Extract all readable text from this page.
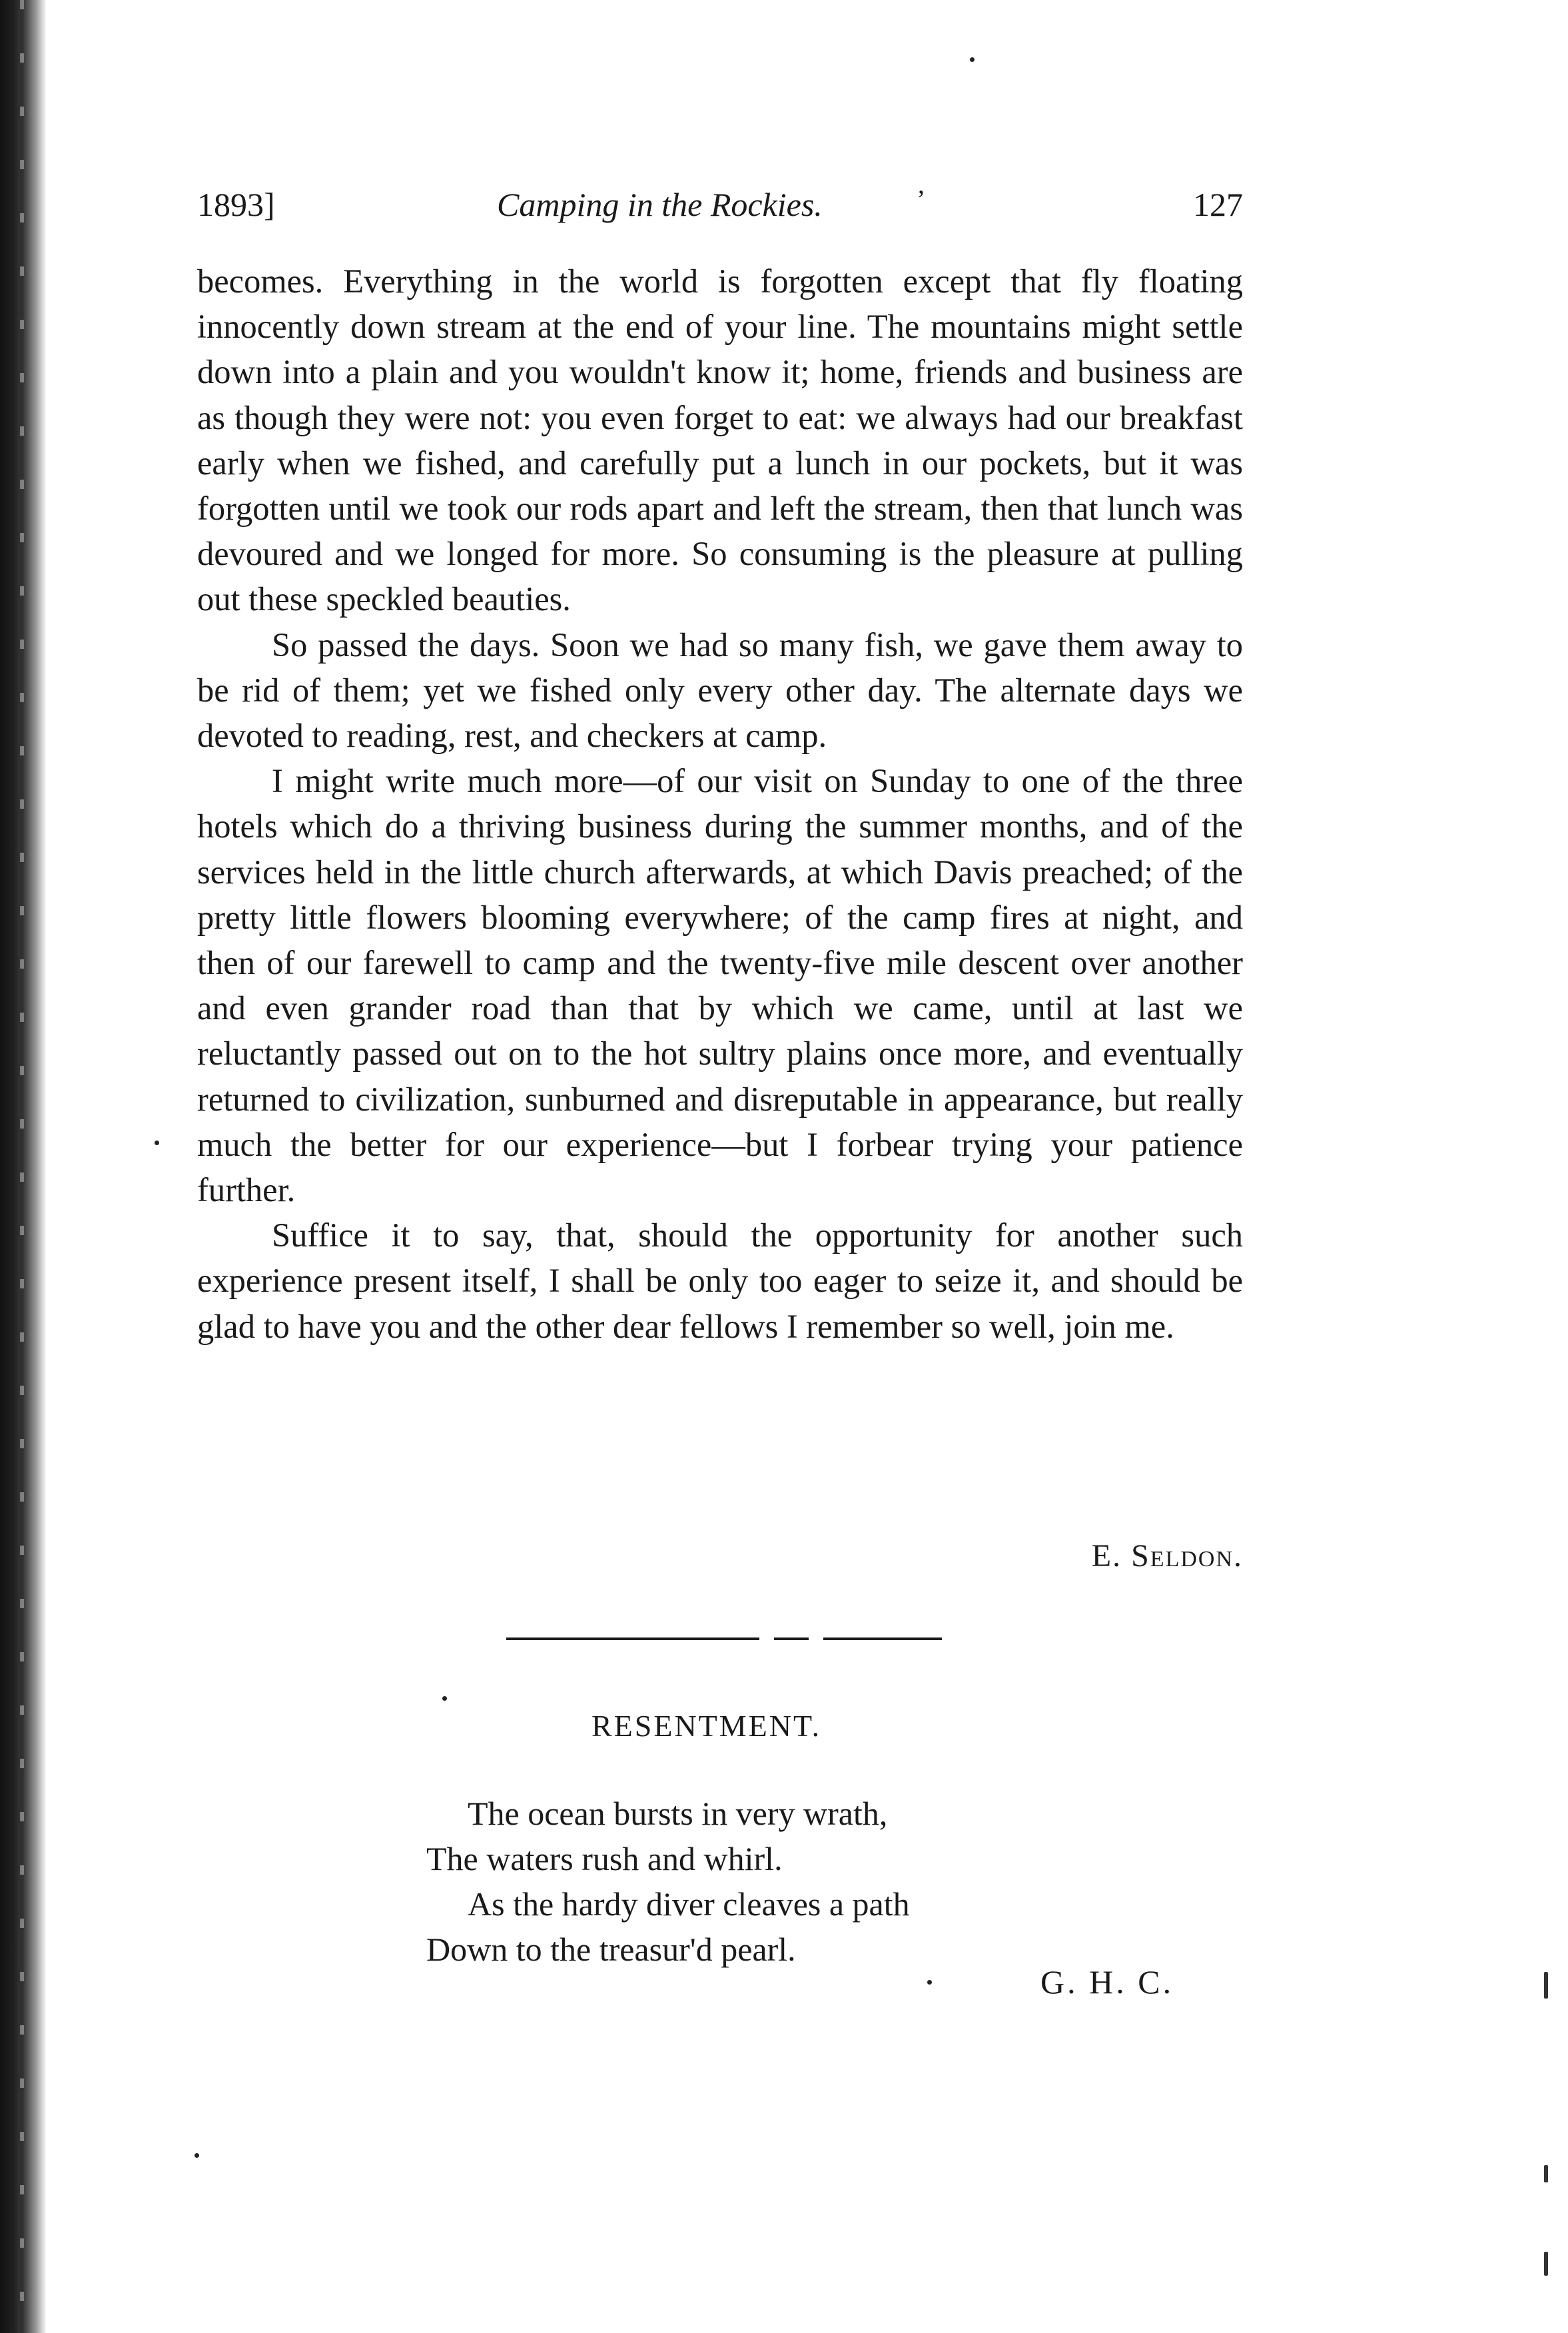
1893]	Camping in the Rockies.	ʼ	127

becomes. Everything in the world is forgotten except that fly floating innocently down stream at the end of your line. The mountains might settle down into a plain and you wouldn't know it; home, friends and business are as though they were not: you even forget to eat: we always had our breakfast early when we fished, and carefully put a lunch in our pockets, but it was forgotten until we took our rods apart and left the stream, then that lunch was devoured and we longed for more. So consuming is the pleasure at pulling out these speckled beauties.

So passed the days. Soon we had so many fish, we gave them away to be rid of them; yet we fished only every other day. The alternate days we devoted to reading, rest, and checkers at camp.

I might write much more—of our visit on Sunday to one of the three hotels which do a thriving business during the summer months, and of the services held in the little church afterwards, at which Davis preached; of the pretty little flowers blooming everywhere; of the camp fires at night, and then of our farewell to camp and the twenty-five mile descent over another and even grander road than that by which we came, until at last we reluctantly passed out on to the hot sultry plains once more, and eventually returned to civilization, sunburned and disreputable in appearance, but really much the better for our experience—but I forbear trying your patience further.

Suffice it to say, that, should the opportunity for another such experience present itself, I shall be only too eager to seize it, and should be glad to have you and the other dear fellows I remember so well, join me.

E. Seldon.
RESENTMENT.
The ocean bursts in very wrath,
The waters rush and whirl.
As the hardy diver cleaves a path
Down to the treasur'd pearl.
G. H. C.
